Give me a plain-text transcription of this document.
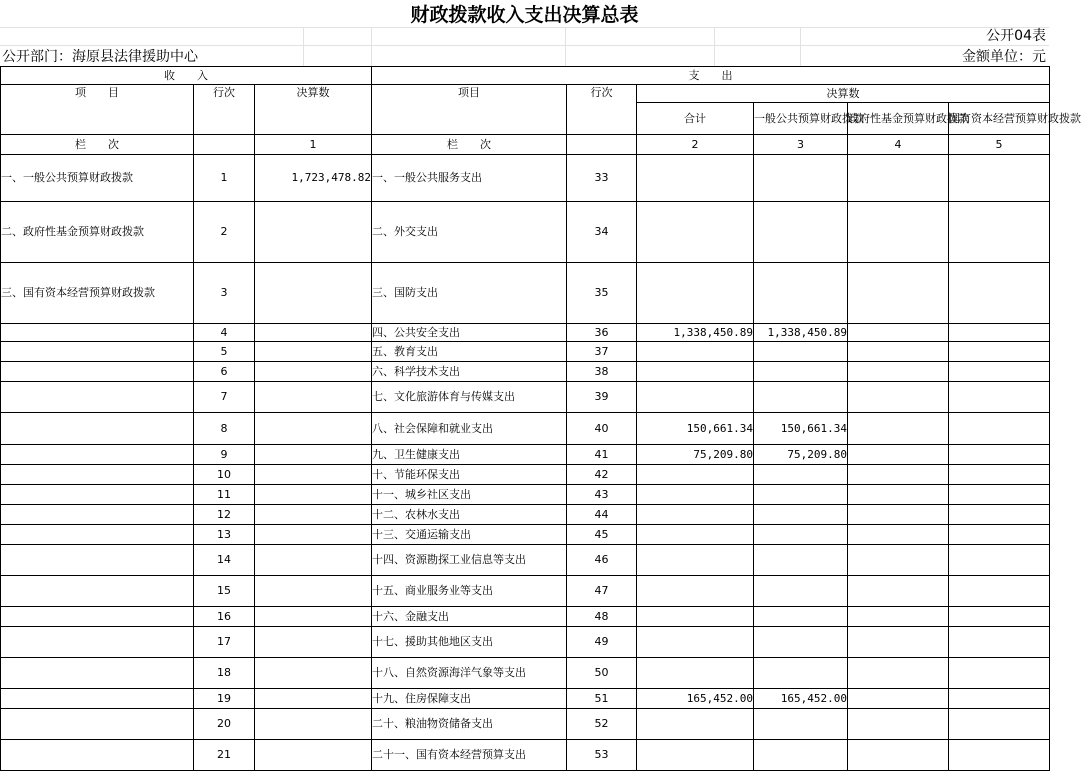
财政拨款收入支出决算总表
公开04表
公开部门：海原县法律援助中心	金额单位：元
收　　入			支　　出					
项　　目	行次	决算数	项目	行次	决算数			
					合计	一般公共预算财政拨款	政府性基金预算财政拨款	国有资本经营预算财政拨款
栏　　次		1	栏　　次		2	3	4	5
一、一般公共预算财政拨款	1	1,723,478.82	一、一般公共服务支出	33				
二、政府性基金预算财政拨款	2		二、外交支出	34				
三、国有资本经营预算财政拨款	3		三、国防支出	35				
	4		四、公共安全支出	36	1,338,450.89	1,338,450.89		
	5		五、教育支出	37				
	6		六、科学技术支出	38				
	7		七、文化旅游体育与传媒支出	39				
	8		八、社会保障和就业支出	40	150,661.34	150,661.34		
	9		九、卫生健康支出	41	75,209.80	75,209.80		
	10		十、节能环保支出	42				
	11		十一、城乡社区支出	43				
	12		十二、农林水支出	44				
	13		十三、交通运输支出	45				
	14		十四、资源勘探工业信息等支出	46				
	15		十五、商业服务业等支出	47				
	16		十六、金融支出	48				
	17		十七、援助其他地区支出	49				
	18		十八、自然资源海洋气象等支出	50				
	19		十九、住房保障支出	51	165,452.00	165,452.00		
	20		二十、粮油物资储备支出	52				
	21		二十一、国有资本经营预算支出	53				
